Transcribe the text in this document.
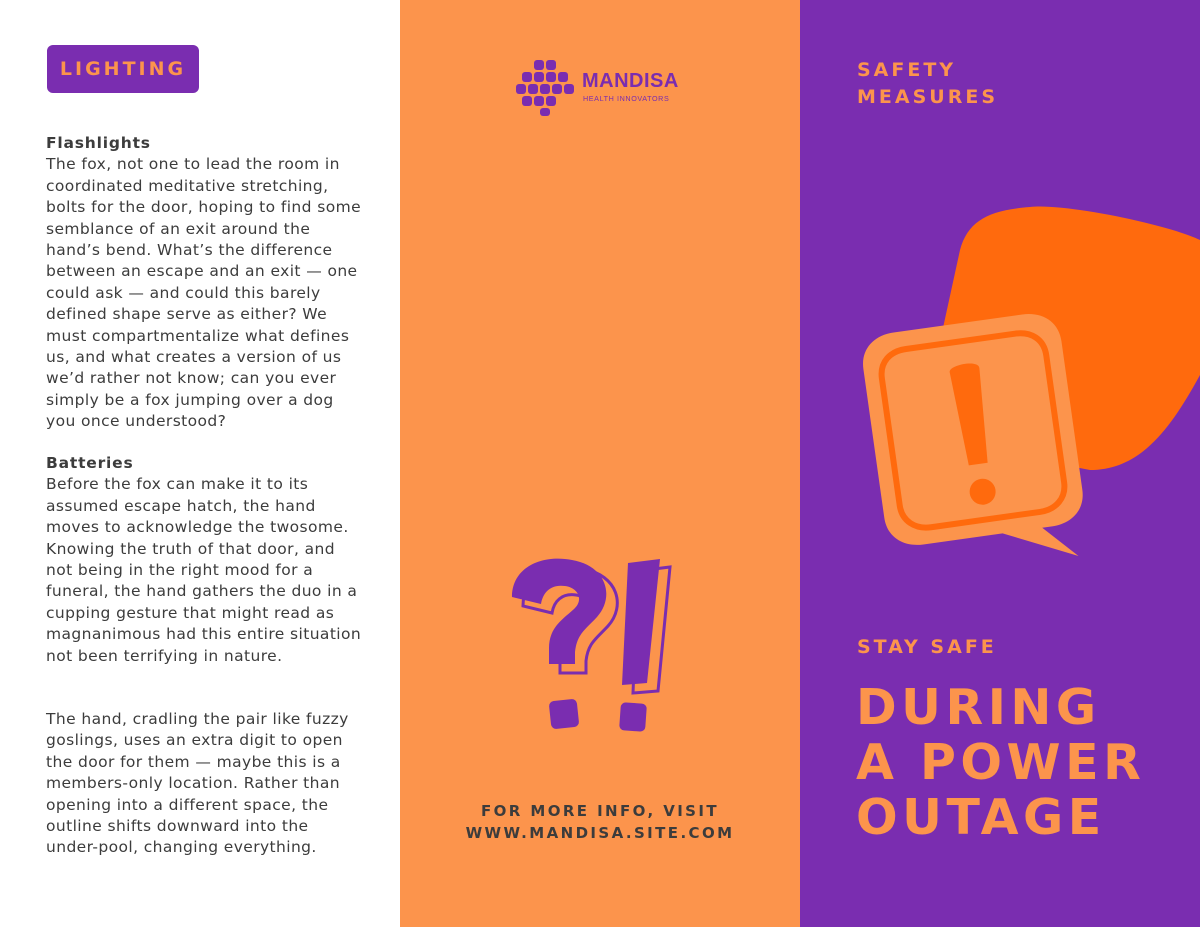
LIGHTING
Flashlights

The fox, not one to lead the room in coordinated meditative stretching, bolts for the door, hoping to find some semblance of an exit around the hand’s bend. What’s the difference between an escape and an exit — one could ask — and could this barely defined shape serve as either? We must compartmentalize what defines us, and what creates a version of us we’d rather not know; can you ever simply be a fox jumping over a dog you once understood?

Batteries

Before the fox can make it to its assumed escape hatch, the hand moves to acknowledge the twosome. Knowing the truth of that door, and not being in the right mood for a funeral, the hand gathers the duo in a cupping gesture that might read as magnanimous had this entire situation not been terrifying in nature.

The hand, cradling the pair like fuzzy goslings, uses an extra digit to open the door for them — maybe this is a members-only location. Rather than opening into a different space, the outline shifts downward into the under-pool, changing everything.

MANDISA
HEALTH INNOVATORS
FOR MORE INFO, VISIT
WWW.MANDISA.SITE.COM
SAFETY
MEASURES
STAY SAFE
DURING
A POWER
OUTAGE
